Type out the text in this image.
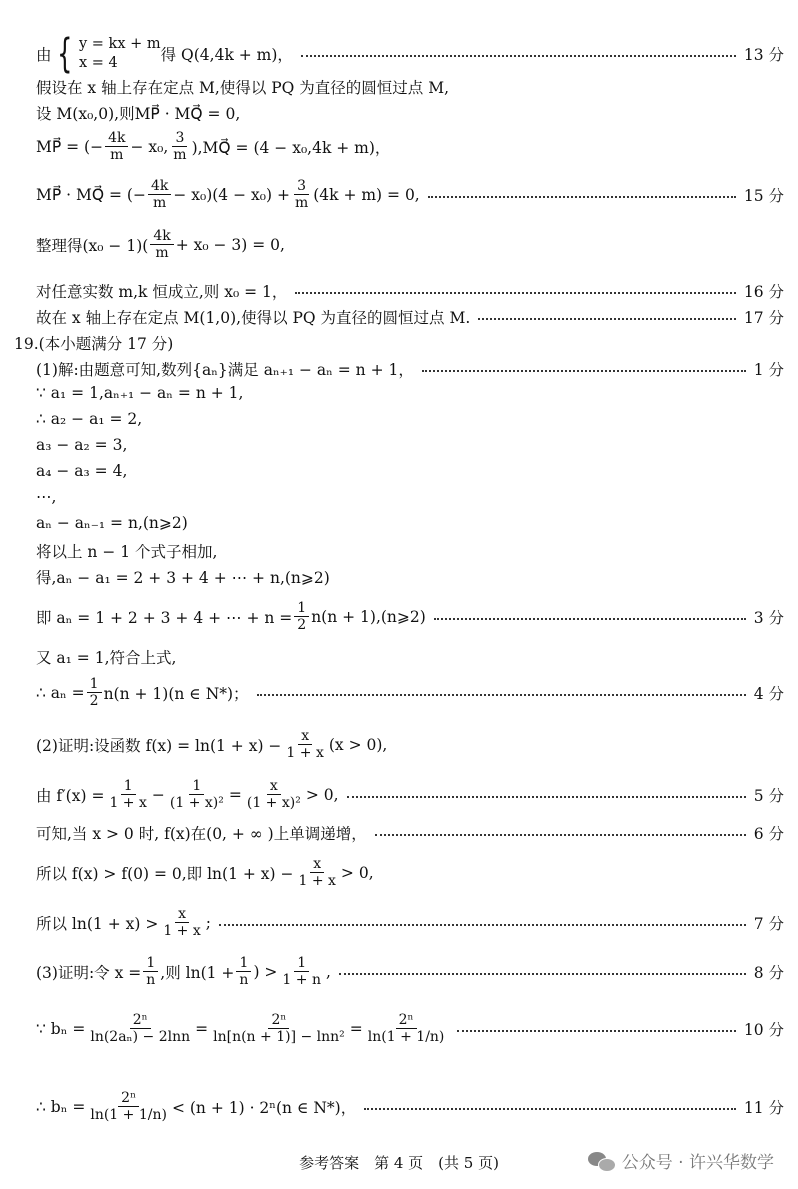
由 { y = kx + m
x = 4	得 Q(4,4k + m)，	13 分
假设在 x 轴上存在定点 M,使得以 PQ 为直径的圆恒过点 M,
设 M(x₀,0),则MP⃗ · MQ⃗ = 0,
MP⃗ = (− $\frac{4k}{m} - x_0$, $\frac{3}{m}$ ),MQ⃗ = (4 − x₀,4k + m)，
MP⃗ · MQ⃗ = (− $\frac{4k}{m} - x_0)(4 - x_0) + \frac{3}{m} (4k + m) = 0$,	15 分
整理得$(x_0 - 1)( \frac{4k}{m} + x_0 - 3) = 0$,
对任意实数 m,k 恒成立,则 x₀ = 1，	16 分
故在 x 轴上存在定点 M(1,0),使得以 PQ 为直径的圆恒过点 M.	17 分
19.(本小题满分 17 分)
(1)解:由题意可知,数列{aₙ}满足 aₙ₊₁ − aₙ = n + 1，	1 分
∵ a₁ = 1,aₙ₊₁ − aₙ = n + 1,
∴ a₂ − a₁ = 2,
a₃ − a₂ = 3,
a₄ − a₃ = 4,
⋯,
aₙ − aₙ₋₁ = n,(n⩾2)
将以上 n − 1 个式子相加,
得,aₙ − a₁ = 2 + 3 + 4 + ⋯ + n,(n⩾2)
即 aₙ = 1 + 2 + 3 + 4 + ⋯ + $n = \frac{1}{2} n(n$ + 1),(n⩾2)	3 分
又 a₁ = 1,符合上式,
∴ $a_n = \frac{1}{2} n(n + 1)(n$ ∈ N*)；	4 分
(2)证明:设函数 $f(x) = \ln(1 + x) - \frac{x}{1 + x} (x > 0)$,
由 $f'(x) = \frac{1}{1 + x} - \frac{1}{\text{(1 + x)²}} = \frac{x}{\text{(1 + x)²}} > 0$,	5 分
可知,当 x > 0 时, f(x)在(0, + ∞ )上单调递增，	6 分
所以 f(x) > f(0) = 0,即 $\ln(1 + x) - \frac{x}{1 + x} > 0$,
所以 $\ln(1 + x) > \frac{x}{1 + x}$ ;	7 分
(3)证明:令 $x = \frac{1}{n}$ ,则 $\ln(1 + \frac{1}{n}$ ) > $\frac{1}{1 + n}$ ,	8 分
∵ $b_n = \frac{\text{2ⁿ}}{\text{ln(2aₙ) − 2lnn}} = \frac{\text{2ⁿ}}{\text{ln[n(n + 1)] − lnn²}} = \frac{\text{2ⁿ}}{\ln(1 + 1/n)}$	10 分
∴ $b_n = \frac{\text{2ⁿ}}{\ln(1 + 1/n)} < (n + 1) \cdot 2^n(n$ ∈ N*)，	11 分
参考答案　第 4 页　(共 5 页)	公众号 · 许兴华数学
